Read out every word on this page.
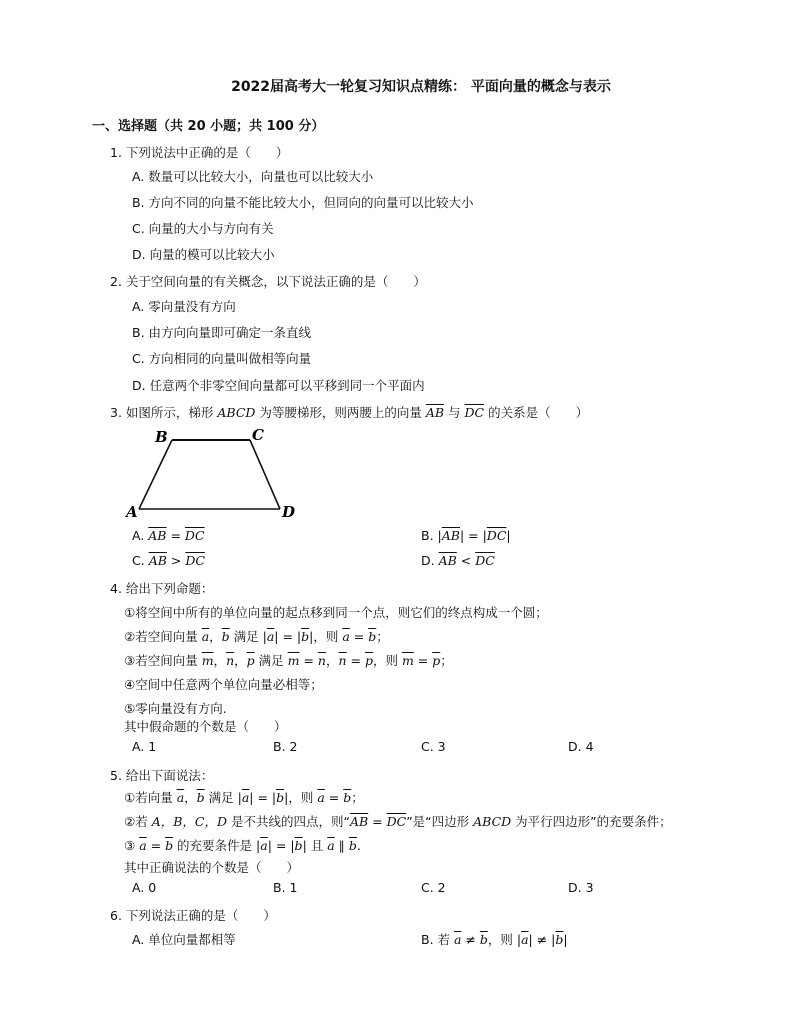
2022届高考大一轮复习知识点精练： 平面向量的概念与表示
一、选择题（共 20 小题；共 100 分）
1. 下列说法中正确的是（　　）
A. 数量可以比较大小，向量也可以比较大小
B. 方向不同的向量不能比较大小，但同向的向量可以比较大小
C. 向量的大小与方向有关
D. 向量的模可以比较大小
2. 关于空间向量的有关概念，以下说法正确的是（　　）
A. 零向量没有方向
B. 由方向向量即可确定一条直线
C. 方向相同的向量叫做相等向量
D. 任意两个非零空间向量都可以平移到同一个平面内
3. 如图所示，梯形 ABCD 为等腰梯形，则两腰上的向量 $\overline{AB}$ 与 $\overline{DC}$ 的关系是（　　）
B	C
A	D
A. $\overline{AB} = \overline{DC}$	B. $|\overline{AB}| = |\overline{DC}|$
C. $\overline{AB} > \overline{DC}$	D. $\overline{AB} < \overline{DC}$
4. 给出下列命题：
①将空间中所有的单位向量的起点移到同一个点，则它们的终点构成一个圆；
②若空间向量 $\overline{a}$，$\overline{b}$ 满足 $|\overline{a}| = |\overline{b}|$，则 $\overline{a} = \overline{b}$；
③若空间向量 $\overline{m}$，$\overline{n}$，$\overline{p}$ 满足 $\overline{m} = \overline{n}$，$\overline{n} = \overline{p}$，则 $\overline{m} = \overline{p}$；
④空间中任意两个单位向量必相等；
⑤零向量没有方向.
其中假命题的个数是（　　）
A. 1	B. 2	C. 3	D. 4
5. 给出下面说法：
①若向量 $\overline{a}$，$\overline{b}$ 满足 $|\overline{a}| = |\overline{b}|$，则 $\overline{a} = \overline{b}$；
②若 A，B，C，D 是不共线的四点，则“$\overline{AB} = \overline{DC}$”是“四边形 ABCD 为平行四边形”的充要条件；
③ $\overline{a} = \overline{b}$ 的充要条件是 $|\overline{a}| = |\overline{b}|$ 且 $\overline{a}$ ∥ $\overline{b}$.
其中正确说法的个数是（　　）
A. 0	B. 1	C. 2	D. 3
6. 下列说法正确的是（　　）
A. 单位向量都相等	B. 若 $\overline{a} \ne \overline{b}$，则 $|\overline{a}| \ne |\overline{b}|$
